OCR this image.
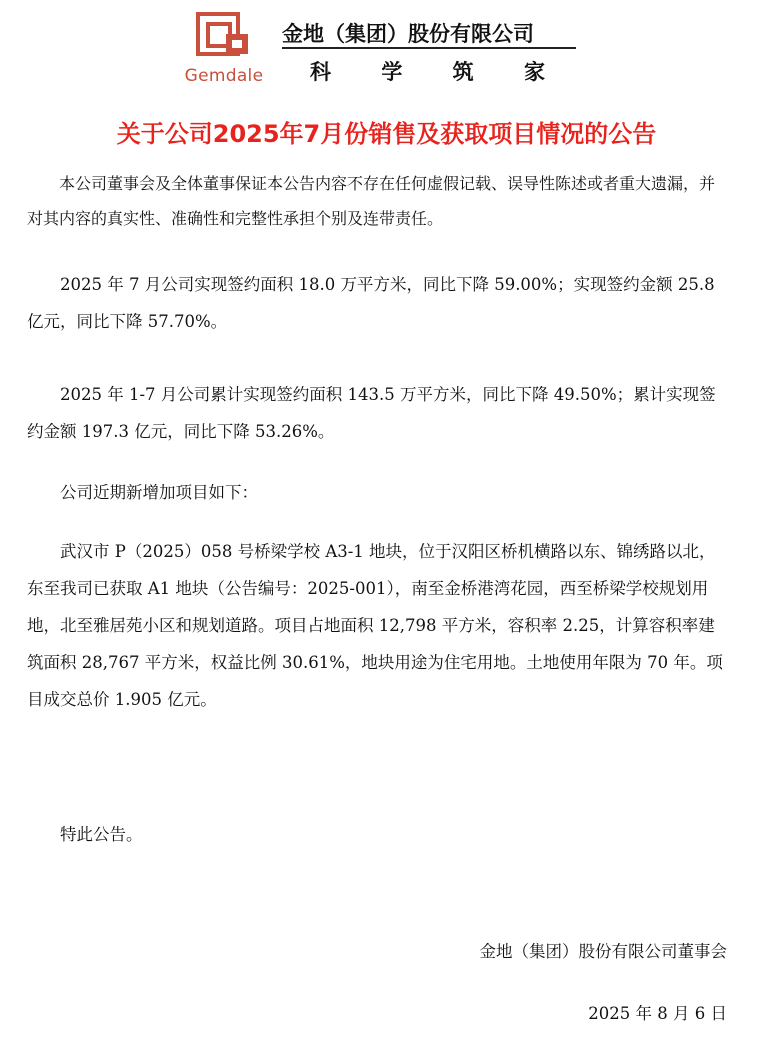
Gemdale
金地（集团）股份有限公司
科 学 筑 家
关于公司2025年7月份销售及获取项目情况的公告

本公司董事会及全体董事保证本公告内容不存在任何虚假记载、误导性陈述或者重大遗漏，并对其内容的真实性、准确性和完整性承担个别及连带责任。

2025 年 7 月公司实现签约面积 18.0 万平方米，同比下降 59.00%；实现签约金额 25.8 亿元，同比下降 57.70%。

2025 年 1-7 月公司累计实现签约面积 143.5 万平方米，同比下降 49.50%；累计实现签约金额 197.3 亿元，同比下降 53.26%。

公司近期新增加项目如下：

武汉市 P（2025）058 号桥梁学校 A3-1 地块，位于汉阳区桥机横路以东、锦绣路以北，东至我司已获取 A1 地块（公告编号：2025-001），南至金桥港湾花园，西至桥梁学校规划用地，北至雅居苑小区和规划道路。项目占地面积 12,798 平方米，容积率 2.25，计算容积率建筑面积 28,767 平方米，权益比例 30.61%，地块用途为住宅用地。土地使用年限为 70 年。项目成交总价 1.905 亿元。

特此公告。

金地（集团）股份有限公司董事会
2025 年 8 月 6 日
